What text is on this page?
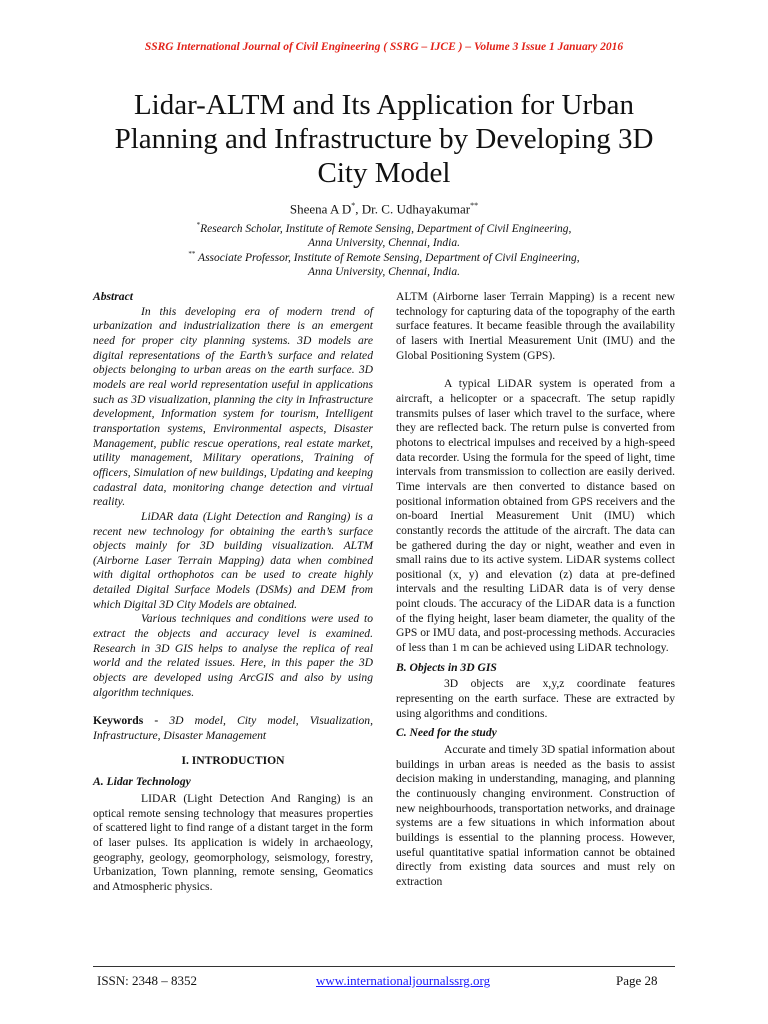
SSRG International Journal of Civil Engineering ( SSRG – IJCE ) – Volume 3 Issue 1 January 2016
Lidar-ALTM and Its Application for Urban
Planning and Infrastructure by Developing 3D
City Model
Sheena A D*, Dr. C. Udhayakumar**
*Research Scholar, Institute of Remote Sensing, Department of Civil Engineering,
Anna University, Chennai, India.
** Associate Professor, Institute of Remote Sensing, Department of Civil Engineering,
Anna University, Chennai, India.

Abstract

In this developing era of modern trend of urbanization and industrialization there is an emergent need for proper city planning systems. 3D models are digital representations of the Earth’s surface and related objects belonging to urban areas on the earth surface. 3D models are real world representation useful in applications such as 3D visualization, planning the city in Infrastructure development, Information system for tourism, Intelligent transportation systems, Environmental aspects, Disaster Management, public rescue operations, real estate market, utility management, Military operations, Training of officers, Simulation of new buildings, Updating and keeping cadastral data, monitoring change detection and virtual reality.

LiDAR data (Light Detection and Ranging) is a recent new technology for obtaining the earth’s surface objects mainly for 3D building visualization. ALTM (Airborne Laser Terrain Mapping) data when combined with digital orthophotos can be used to create highly detailed Digital Surface Models (DSMs) and DEM from which Digital 3D City Models are obtained.

Various techniques and conditions were used to extract the objects and accuracy level is examined. Research in 3D GIS helps to analyse the replica of real world and the related issues. Here, in this paper the 3D objects are developed using ArcGIS and also by using algorithm techniques.

Keywords - 3D model, City model, Visualization, Infrastructure, Disaster Management

I. INTRODUCTION

A. Lidar Technology

LIDAR (Light Detection And Ranging) is an optical remote sensing technology that measures properties of scattered light to find range of a distant target in the form of laser pulses. Its application is widely in archaeology, geography, geology, geomorphology, seismology, forestry, Urbanization, Town planning, remote sensing, Geomatics and Atmospheric physics.

ALTM (Airborne laser Terrain Mapping) is a recent new technology for capturing data of the topography of the earth surface features. It became feasible through the availability of lasers with Inertial Measurement Unit (IMU) and the Global Positioning System (GPS).

A typical LiDAR system is operated from a aircraft, a helicopter or a spacecraft. The setup rapidly transmits pulses of laser which travel to the surface, where they are reflected back. The return pulse is converted from photons to electrical impulses and received by a high-speed data recorder. Using the formula for the speed of light, time intervals from transmission to collection are easily derived. Time intervals are then converted to distance based on positional information obtained from GPS receivers and the on-board Inertial Measurement Unit (IMU) which constantly records the attitude of the aircraft. The data can be gathered during the day or night, weather and even in small rains due to its active system. LiDAR systems collect positional (x, y) and elevation (z) data at pre-defined intervals and the resulting LiDAR data is of very dense point clouds. The accuracy of the LiDAR data is a function of the flying height, laser beam diameter, the quality of the GPS or IMU data, and post-processing methods. Accuracies of less than 1 m can be achieved using LiDAR technology.

B. Objects in 3D GIS

3D objects are x,y,z coordinate features representing on the earth surface. These are extracted by using algorithms and conditions.

C. Need for the study

Accurate and timely 3D spatial information about buildings in urban areas is needed as the basis to assist decision making in understanding, managing, and planning the continuously changing environment. Construction of new neighbourhoods, transportation networks, and drainage systems are a few situations in which information about buildings is essential to the planning process. However, useful quantitative spatial information cannot be obtained directly from existing data sources and must rely on extraction

ISSN: 2348 – 8352	www.internationaljournalssrg.org	Page 28
